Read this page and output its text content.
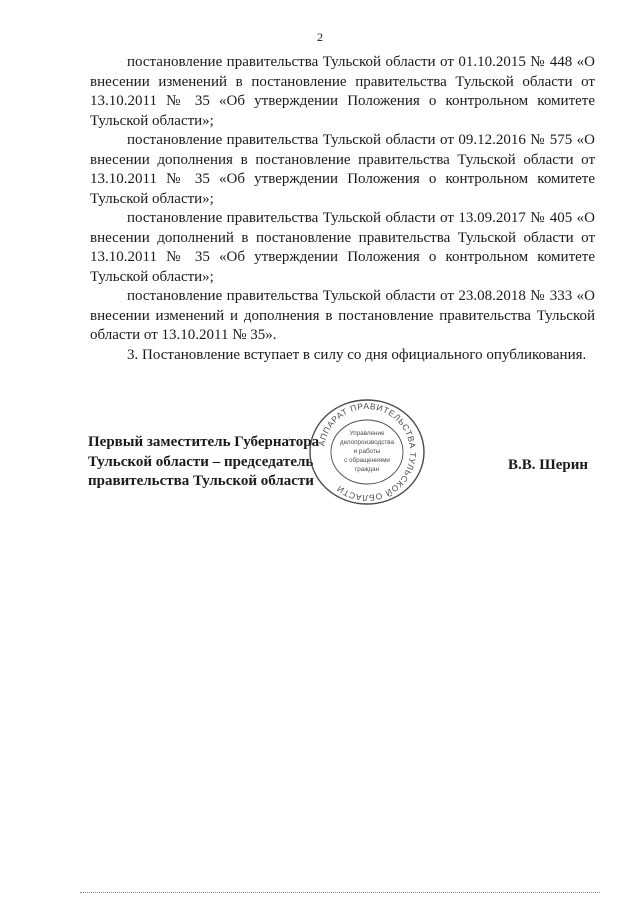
2

постановление правительства Тульской области от 01.10.2015 № 448 «О внесении изменений в постановление правительства Тульской области от 13.10.2011 № 35 «Об утверждении Положения о контрольном комитете Тульской области»;

постановление правительства Тульской области от 09.12.2016 № 575 «О внесении дополнения в постановление правительства Тульской области от 13.10.2011 № 35 «Об утверждении Положения о контрольном комитете Тульской области»;

постановление правительства Тульской области от 13.09.2017 № 405 «О внесении дополнений в постановление правительства Тульской области от 13.10.2011 № 35 «Об утверждении Положения о контрольном комитете Тульской области»;

постановление правительства Тульской области от 23.08.2018 № 333 «О внесении изменений и дополнения в постановление правительства Тульской области от 13.10.2011 № 35».

3. Постановление вступает в силу со дня официального опубликования.

Первый заместитель Губернатора
Тульской области – председатель
правительства Тульской области
В.В. Шерин
АППАРАТ ПРАВИТЕЛЬСТВА ТУЛЬСКОЙ ОБЛАСТИ
Управление
делопроизводства
и работы
с обращениями
граждан
